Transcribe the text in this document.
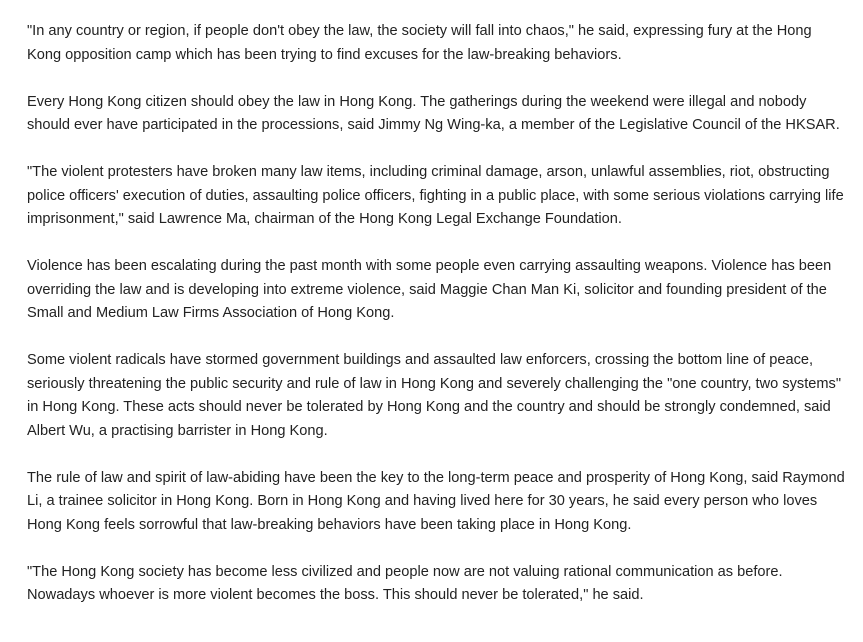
"In any country or region, if people don't obey the law, the society will fall into chaos," he said, expressing fury at the Hong Kong opposition camp which has been trying to find excuses for the law-breaking behaviors.

Every Hong Kong citizen should obey the law in Hong Kong. The gatherings during the weekend were illegal and nobody should ever have participated in the processions, said Jimmy Ng Wing-ka, a member of the Legislative Council of the HKSAR.

"The violent protesters have broken many law items, including criminal damage, arson, unlawful assemblies, riot, obstructing police officers' execution of duties, assaulting police officers, fighting in a public place, with some serious violations carrying life imprisonment," said Lawrence Ma, chairman of the Hong Kong Legal Exchange Foundation.

Violence has been escalating during the past month with some people even carrying assaulting weapons. Violence has been overriding the law and is developing into extreme violence, said Maggie Chan Man Ki, solicitor and founding president of the Small and Medium Law Firms Association of Hong Kong.

Some violent radicals have stormed government buildings and assaulted law enforcers, crossing the bottom line of peace, seriously threatening the public security and rule of law in Hong Kong and severely challenging the "one country, two systems" in Hong Kong. These acts should never be tolerated by Hong Kong and the country and should be strongly condemned, said Albert Wu, a practising barrister in Hong Kong.

The rule of law and spirit of law-abiding have been the key to the long-term peace and prosperity of Hong Kong, said Raymond Li, a trainee solicitor in Hong Kong. Born in Hong Kong and having lived here for 30 years, he said every person who loves Hong Kong feels sorrowful that law-breaking behaviors have been taking place in Hong Kong.

"The Hong Kong society has become less civilized and people now are not valuing rational communication as before. Nowadays whoever is more violent becomes the boss. This should never be tolerated," he said.
